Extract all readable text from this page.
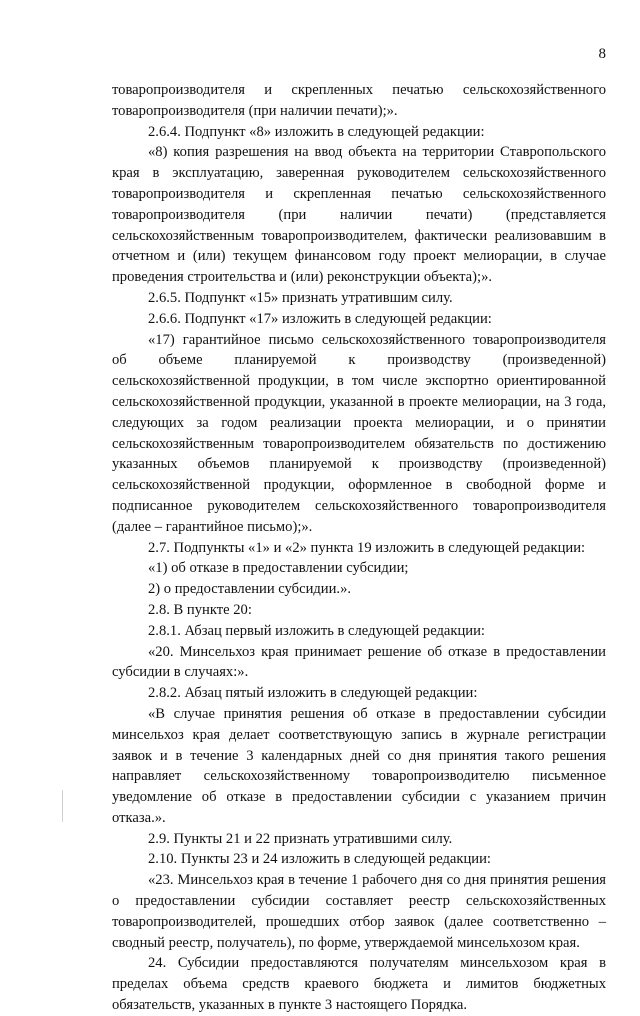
8

товаропроизводителя и скрепленных печатью сельскохозяйственного товаропроизводителя (при наличии печати);».

2.6.4. Подпункт «8» изложить в следующей редакции:

«8) копия разрешения на ввод объекта на территории Ставропольского края в эксплуатацию, заверенная руководителем сельскохозяйственного товаропроизводителя и скрепленная печатью сельскохозяйственного товаропроизводителя (при наличии печати) (представляется сельскохозяйственным товаропроизводителем, фактически реализовавшим в отчетном и (или) текущем финансовом году проект мелиорации, в случае проведения строительства и (или) реконструкции объекта);».

2.6.5. Подпункт «15» признать утратившим силу.

2.6.6. Подпункт «17» изложить в следующей редакции:

«17) гарантийное письмо сельскохозяйственного товаропроизводителя об объеме планируемой к производству (произведенной) сельскохозяйственной продукции, в том числе экспортно ориентированной сельскохозяйственной продукции, указанной в проекте мелиорации, на 3 года, следующих за годом реализации проекта мелиорации, и о принятии сельскохозяйственным товаропроизводителем обязательств по достижению указанных объемов планируемой к производству (произведенной) сельскохозяйственной продукции, оформленное в свободной форме и подписанное руководителем сельскохозяйственного товаропроизводителя (далее – гарантийное письмо);».

2.7. Подпункты «1» и «2» пункта 19 изложить в следующей редакции:

«1) об отказе в предоставлении субсидии;

2) о предоставлении субсидии.».

2.8. В пункте 20:

2.8.1. Абзац первый изложить в следующей редакции:

«20. Минсельхоз края принимает решение об отказе в предоставлении субсидии в случаях:».

2.8.2. Абзац пятый изложить в следующей редакции:

«В случае принятия решения об отказе в предоставлении субсидии минсельхоз края делает соответствующую запись в журнале регистрации заявок и в течение 3 календарных дней со дня принятия такого решения направляет сельскохозяйственному товаропроизводителю письменное уведомление об отказе в предоставлении субсидии с указанием причин отказа.».

2.9. Пункты 21 и 22 признать утратившими силу.

2.10. Пункты 23 и 24 изложить в следующей редакции:

«23. Минсельхоз края в течение 1 рабочего дня со дня принятия решения о предоставлении субсидии составляет реестр сельскохозяйственных товаропроизводителей, прошедших отбор заявок (далее соответственно – сводный реестр, получатель), по форме, утверждаемой минсельхозом края.

24. Субсидии предоставляются получателям минсельхозом края в пределах объема средств краевого бюджета и лимитов бюджетных обязательств, указанных в пункте 3 настоящего Порядка.
